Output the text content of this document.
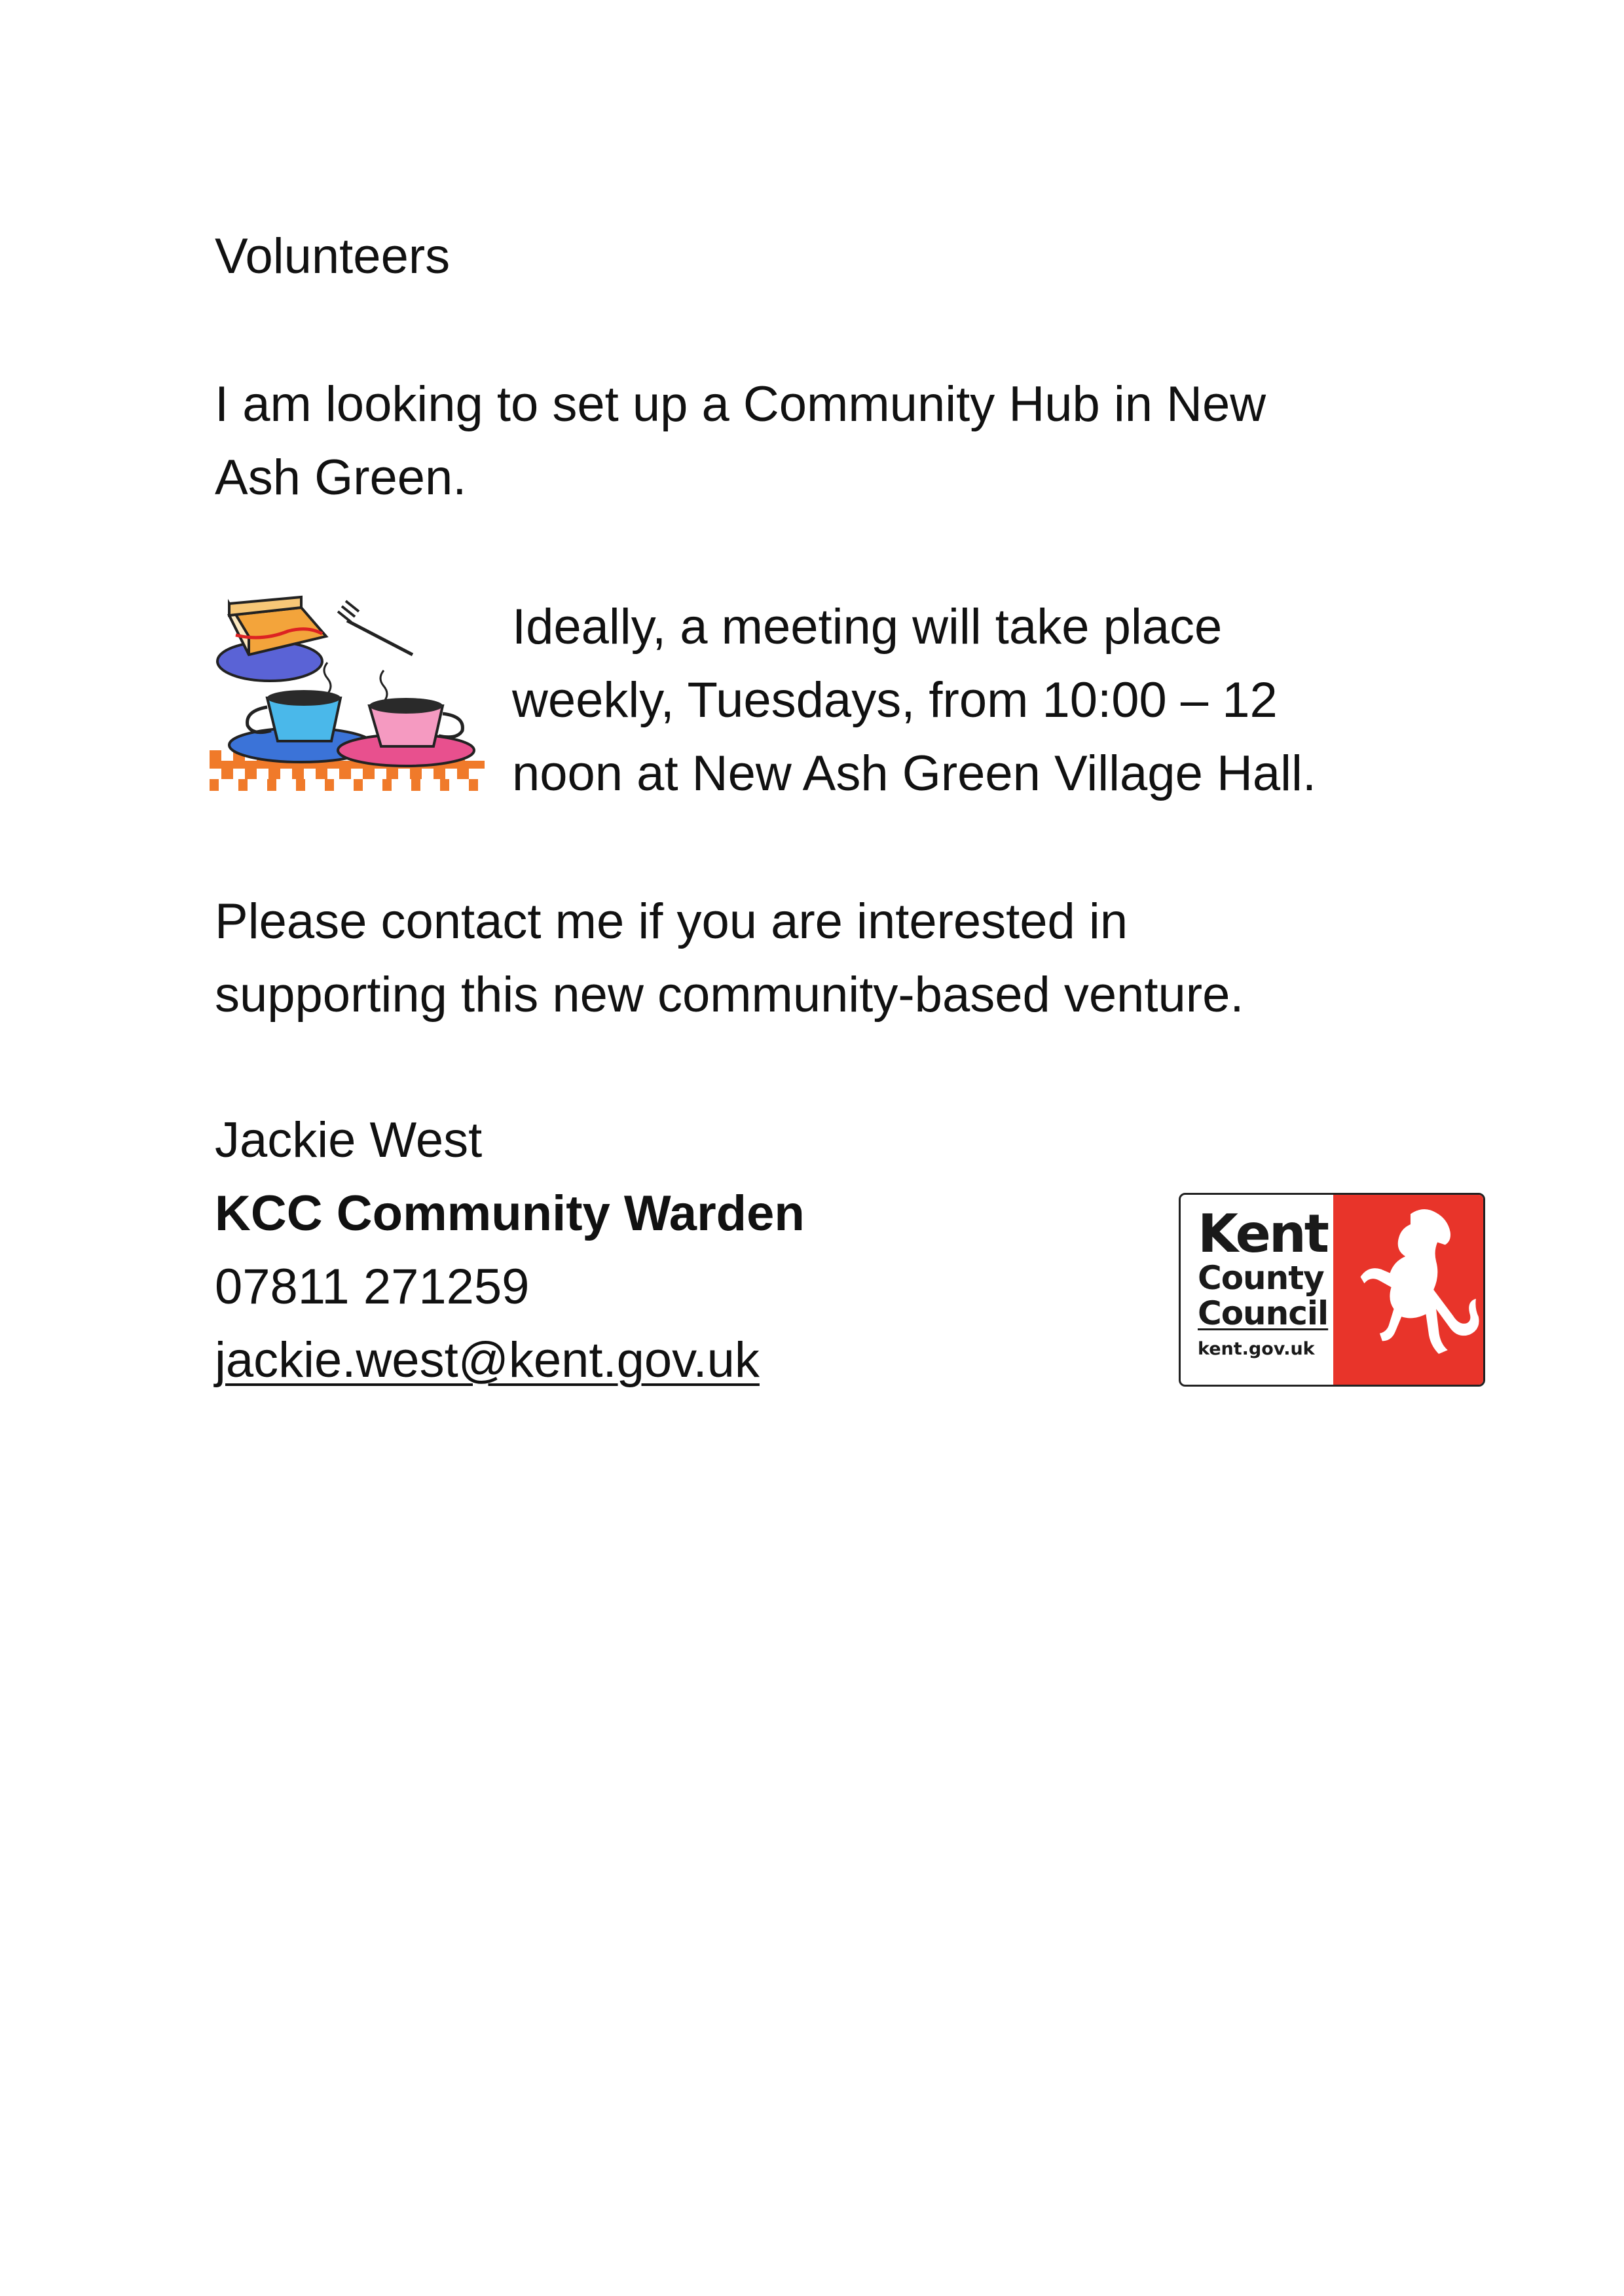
Volunteers
I am looking to set up a Community Hub in New
Ash Green.
Ideally, a meeting will take place
weekly, Tuesdays, from 10:00 – 12
noon at New Ash Green Village Hall.
Please contact me if you are interested in
supporting this new community-based venture.
Jackie West
KCC Community Warden
07811 271259
jackie.west@kent.gov.uk
Kent
County
Council
kent.gov.uk
